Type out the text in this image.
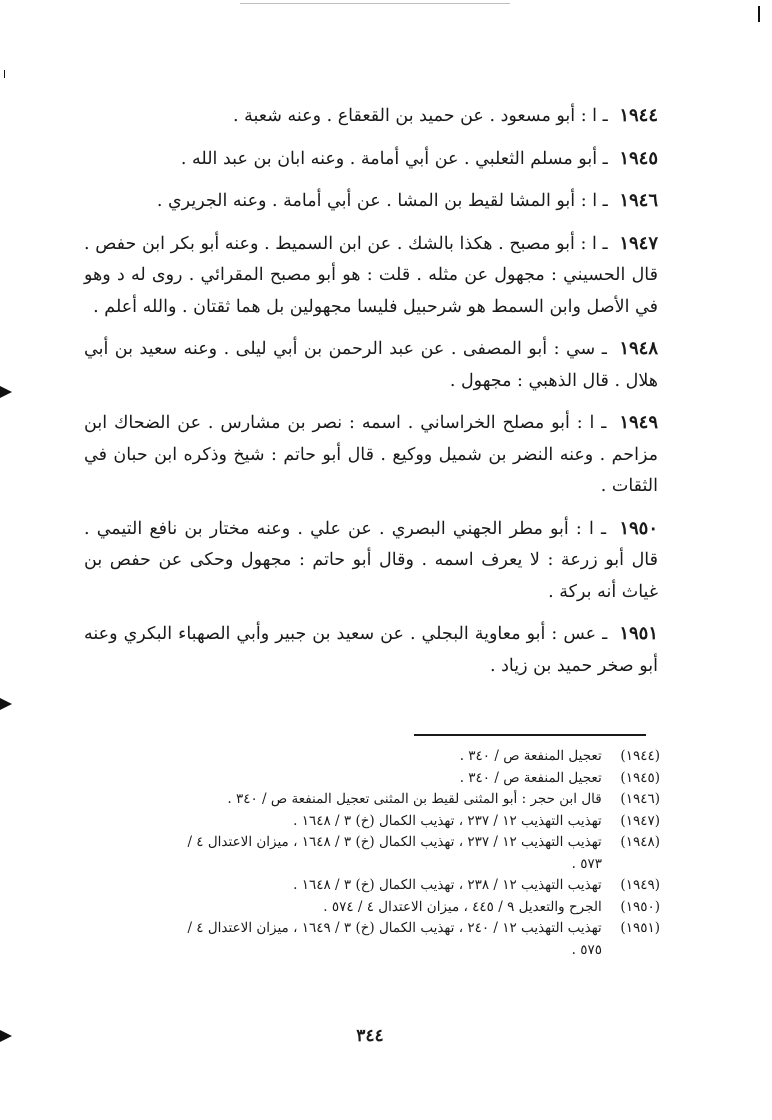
١٩٤٤ ـ ا : أبو مسعود . عن حميد بن القعقاع . وعنه شعبة .
١٩٤٥ ـ أبو مسلم الثعلبي . عن أبي أمامة . وعنه ابان بن عبد الله .
١٩٤٦ ـ ا : أبو المشا لقيط بن المشا . عن أبي أمامة . وعنه الجريري .
١٩٤٧ ـ ا : أبو مصبح . هكذا بالشك . عن ابن السميط . وعنه أبو بكر ابن حفص . قال الحسيني : مجهول عن مثله . قلت : هو أبو مصبح المقرائي . روى له د وهو في الأصل وابن السمط هو شرحبيل فليسا مجهولين بل هما ثقتان . والله أعلم .
١٩٤٨ ـ سي : أبو المصفى . عن عبد الرحمن بن أبي ليلى . وعنه سعيد بن أبي هلال . قال الذهبي : مجهول .
١٩٤٩ ـ ا : أبو مصلح الخراساني . اسمه : نصر بن مشارس . عن الضحاك ابن مزاحم . وعنه النضر بن شميل ووكيع . قال أبو حاتم : شيخ وذكره ابن حبان في الثقات .
١٩٥٠ ـ ا : أبو مطر الجهني البصري . عن علي . وعنه مختار بن نافع التيمي . قال أبو زرعة : لا يعرف اسمه . وقال أبو حاتم : مجهول وحكى عن حفص بن غياث أنه بركة .
١٩٥١ ـ عس : أبو معاوية البجلي . عن سعيد بن جبير وأبي الصهباء البكري وعنه أبو صخر حميد بن زياد .

(١٩٤٤) تعجيل المنفعة ص / ٣٤٠ .

(١٩٤٥) تعجيل المنفعة ص / ٣٤٠ .

(١٩٤٦) قال ابن حجر : أبو المثنى لقيط بن المثنى تعجيل المنفعة ص / ٣٤٠ .

(١٩٤٧) تهذيب التهذيب ١٢ / ٢٣٧ ، تهذيب الكمال (خ) ٣ / ١٦٤٨ .

(١٩٤٨) تهذيب التهذيب ١٢ / ٢٣٧ ، تهذيب الكمال (خ) ٣ / ١٦٤٨ ، ميزان الاعتدال ٤ /
٥٧٣ .

(١٩٤٩) تهذيب التهذيب ١٢ / ٢٣٨ ، تهذيب الكمال (خ) ٣ / ١٦٤٨ .

(١٩٥٠) الجرح والتعديل ٩ / ٤٤٥ ، ميزان الاعتدال ٤ / ٥٧٤ .

(١٩٥١) تهذيب التهذيب ١٢ / ٢٤٠ ، تهذيب الكمال (خ) ٣ / ١٦٤٩ ، ميزان الاعتدال ٤ /
٥٧٥ .

٣٤٤
